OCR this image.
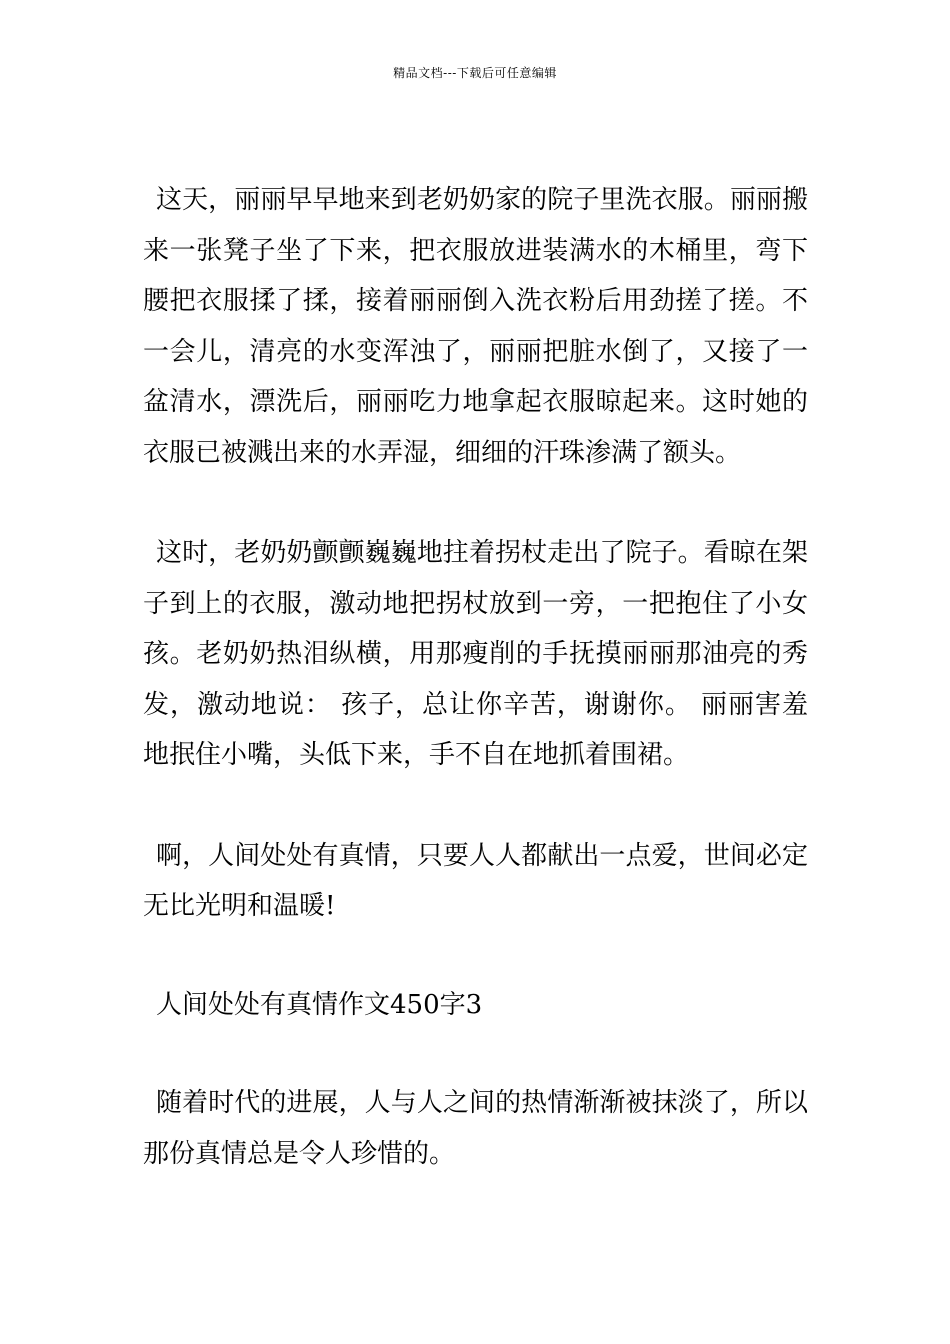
精品文档---下载后可任意编辑

这天，丽丽早早地来到老奶奶家的院子里洗衣服。丽丽搬来一张凳子坐了下来，把衣服放进装满水的木桶里，弯下腰把衣服揉了揉，接着丽丽倒入洗衣粉后用劲搓了搓。不一会儿，清亮的水变浑浊了，丽丽把脏水倒了，又接了一盆清水，漂洗后，丽丽吃力地拿起衣服晾起来。这时她的衣服已被溅出来的水弄湿，细细的汗珠渗满了额头。

这时，老奶奶颤颤巍巍地拄着拐杖走出了院子。看晾在架子到上的衣服，激动地把拐杖放到一旁，一把抱住了小女孩。老奶奶热泪纵横，用那瘦削的手抚摸丽丽那油亮的秀发，激动地说： 孩子，总让你辛苦，谢谢你。 丽丽害羞地抿住小嘴，头低下来，手不自在地抓着围裙。

啊，人间处处有真情，只要人人都献出一点爱，世间必定无比光明和温暖!

人间处处有真情作文450字3

随着时代的进展，人与人之间的热情渐渐被抹淡了，所以那份真情总是令人珍惜的。
